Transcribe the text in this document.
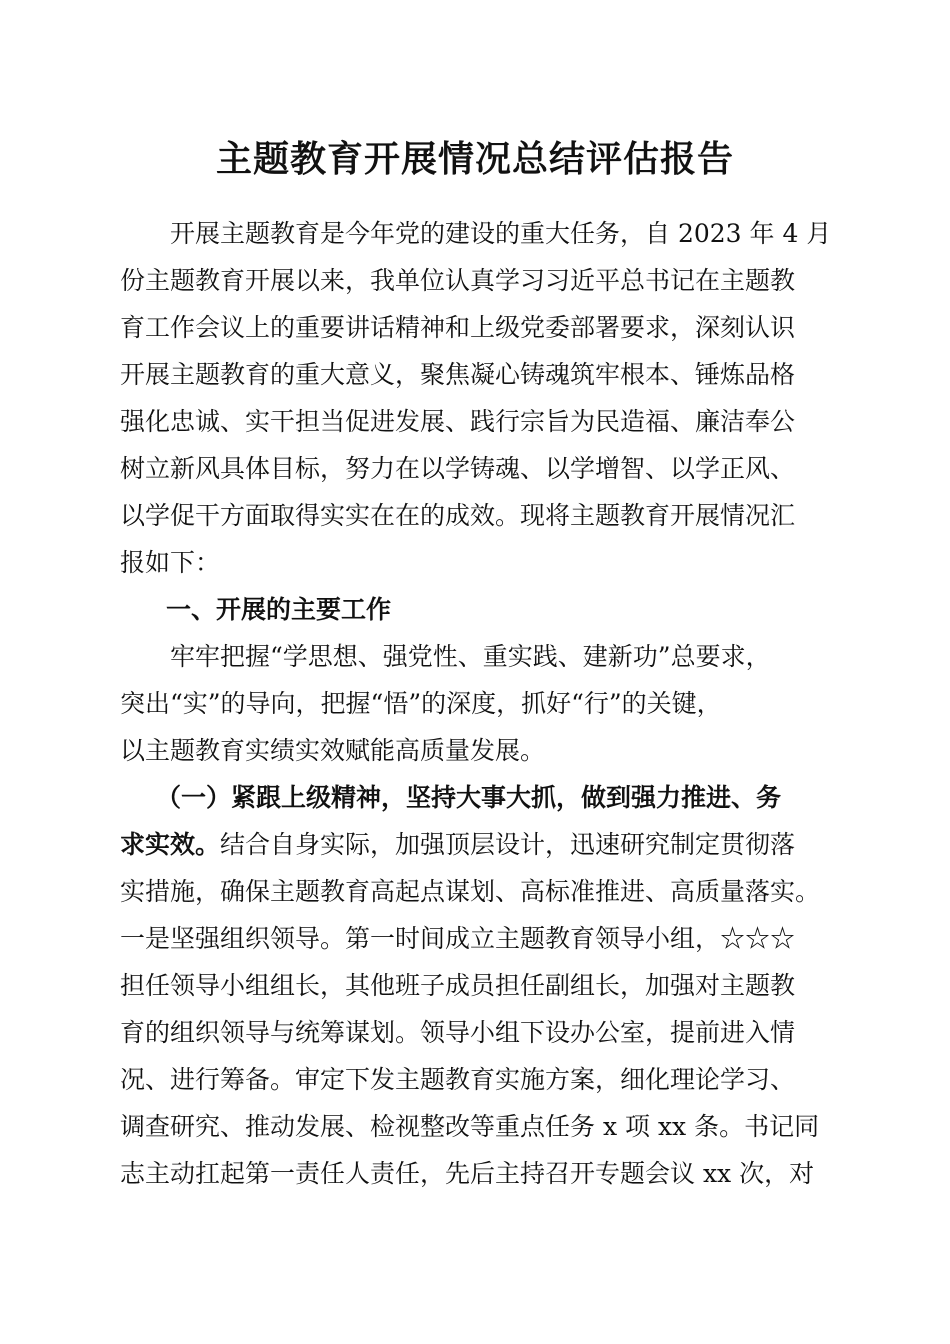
主题教育开展情况总结评估报告
开展主题教育是今年党的建设的重大任务，自 2023 年 4 月
份主题教育开展以来，我单位认真学习习近平总书记在主题教
育工作会议上的重要讲话精神和上级党委部署要求，深刻认识
开展主题教育的重大意义，聚焦凝心铸魂筑牢根本、锤炼品格
强化忠诚、实干担当促进发展、践行宗旨为民造福、廉洁奉公
树立新风具体目标，努力在以学铸魂、以学增智、以学正风、
以学促干方面取得实实在在的成效。现将主题教育开展情况汇
报如下：
一、开展的主要工作
牢牢把握“学思想、强党性、重实践、建新功”总要求，
突出“实”的导向，把握“悟”的深度，抓好“行”的关键，
以主题教育实绩实效赋能高质量发展。
（一）紧跟上级精神，坚持大事大抓，做到强力推进、务
求实效。结合自身实际，加强顶层设计，迅速研究制定贯彻落
实措施，确保主题教育高起点谋划、高标准推进、高质量落实。
一是坚强组织领导。第一时间成立主题教育领导小组，☆☆☆
担任领导小组组长，其他班子成员担任副组长，加强对主题教
育的组织领导与统筹谋划。领导小组下设办公室，提前进入情
况、进行筹备。审定下发主题教育实施方案，细化理论学习、
调查研究、推动发展、检视整改等重点任务 x 项 xx 条。书记同
志主动扛起第一责任人责任，先后主持召开专题会议 xx 次，对
